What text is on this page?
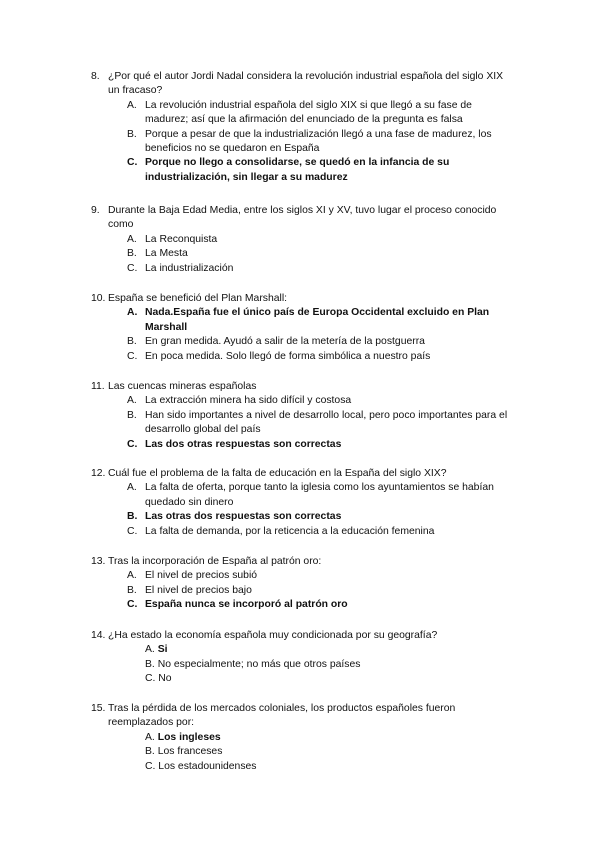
8. ¿Por qué el autor Jordi Nadal considera la revolución industrial española del siglo XIX un fracaso?
A. La revolución industrial española del siglo XIX si que llegó a su fase de madurez; así que la afirmación del enunciado de la pregunta es falsa
B. Porque a pesar de que la industrialización llegó a una fase de madurez, los beneficios no se quedaron en España
C. Porque no llego a consolidarse, se quedó en la infancia de su industrialización, sin llegar a su madurez
9. Durante la Baja Edad Media, entre los siglos XI y XV, tuvo lugar el proceso conocido como
A. La Reconquista
B. La Mesta
C. La industrialización
10. España se benefició del Plan Marshall:
A. Nada.España fue el único país de Europa Occidental excluido en Plan Marshall
B. En gran medida. Ayudó a salir de la metería de la postguerra
C. En poca medida. Solo llegó de forma simbólica a nuestro país
11. Las cuencas mineras españolas
A. La extracción minera ha sido difícil y costosa
B. Han sido importantes a nivel de desarrollo local, pero poco importantes para el desarrollo global del país
C. Las dos otras respuestas son correctas
12. Cuál fue el problema de la falta de educación en la España del siglo XIX?
A. La falta de oferta, porque tanto la iglesia como los ayuntamientos se habían quedado sin dinero
B. Las otras dos respuestas son correctas
C. La falta de demanda, por la reticencia a la educación femenina
13. Tras la incorporación de España al patrón oro:
A. El nivel de precios subió
B. El nivel de precios bajo
C. España nunca se incorporó al patrón oro
14. ¿Ha estado la economía española muy condicionada por su geografía?
A. Si
B. No especialmente; no más que otros países
C. No
15. Tras la pérdida de los mercados coloniales, los productos españoles fueron reemplazados por:
A. Los ingleses
B. Los franceses
C. Los estadounidenses
